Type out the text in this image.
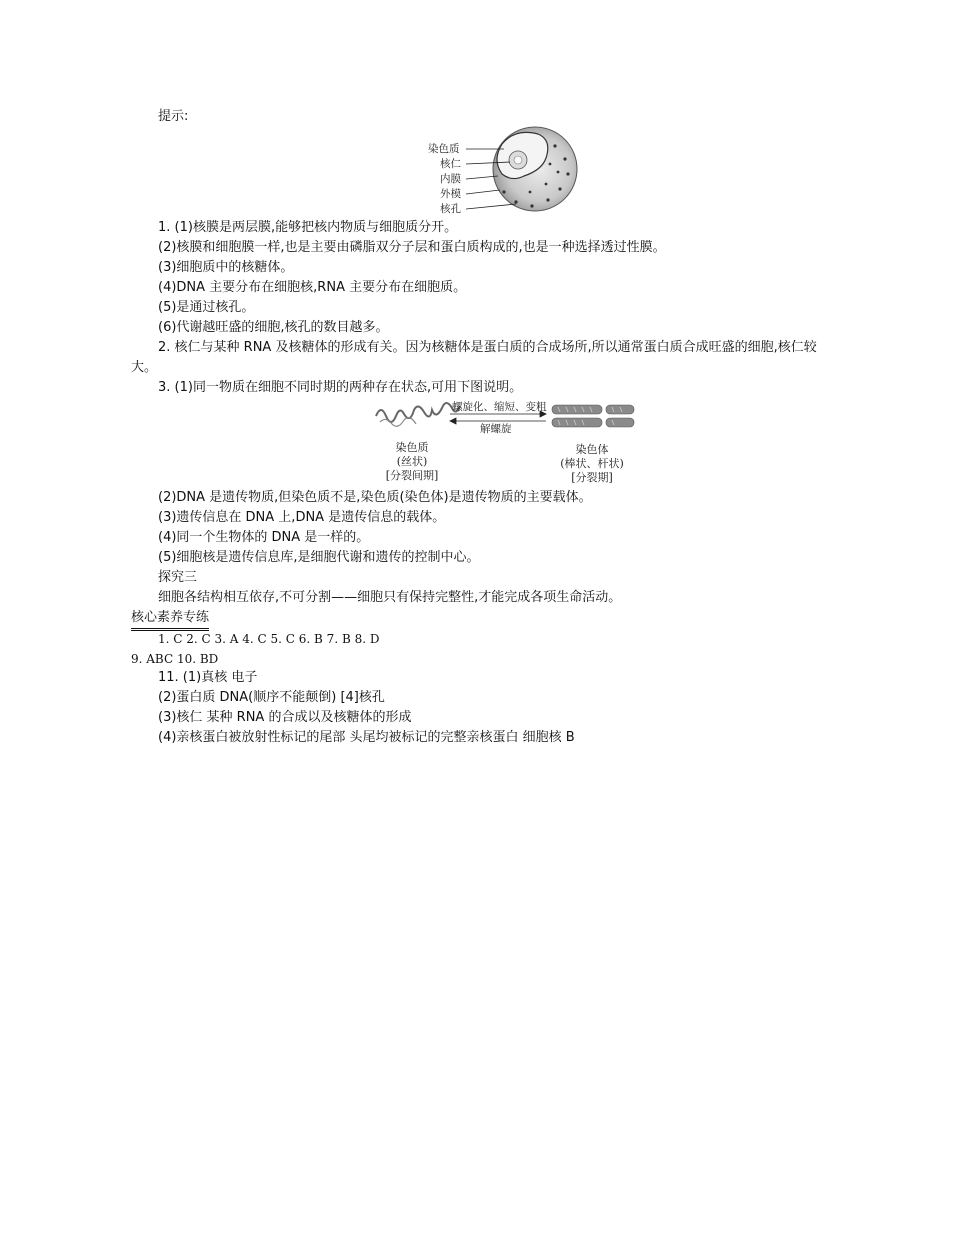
提示:
染色质
核仁
内膜
外模
核孔
1. (1)核膜是两层膜,能够把核内物质与细胞质分开。
(2)核膜和细胞膜一样,也是主要由磷脂双分子层和蛋白质构成的,也是一种选择透过性膜。
(3)细胞质中的核糖体。
(4)DNA 主要分布在细胞核,RNA 主要分布在细胞质。
(5)是通过核孔。
(6)代谢越旺盛的细胞,核孔的数目越多。
2. 核仁与某种 RNA 及核糖体的形成有关。因为核糖体是蛋白质的合成场所,所以通常蛋白质合成旺盛的细胞,核仁较
大。
3. (1)同一物质在细胞不同时期的两种存在状态,可用下图说明。
螺旋化、缩短、变粗
解螺旋
染色质
(丝状)
[分裂间期]
染色体
(棒状、杆状)
[分裂期]
(2)DNA 是遗传物质,但染色质不是,染色质(染色体)是遗传物质的主要载体。
(3)遗传信息在 DNA 上,DNA 是遗传信息的载体。
(4)同一个生物体的 DNA 是一样的。
(5)细胞核是遗传信息库,是细胞代谢和遗传的控制中心。
探究三
细胞各结构相互依存,不可分割——细胞只有保持完整性,才能完成各项生命活动。
核心素养专练
1. C 2. C 3. A 4. C 5. C 6. B 7. B 8. D
9. ABC 10. BD
11. (1)真核 电子
(2)蛋白质 DNA(顺序不能颠倒) [4]核孔
(3)核仁 某种 RNA 的合成以及核糖体的形成
(4)亲核蛋白被放射性标记的尾部 头尾均被标记的完整亲核蛋白 细胞核 B
